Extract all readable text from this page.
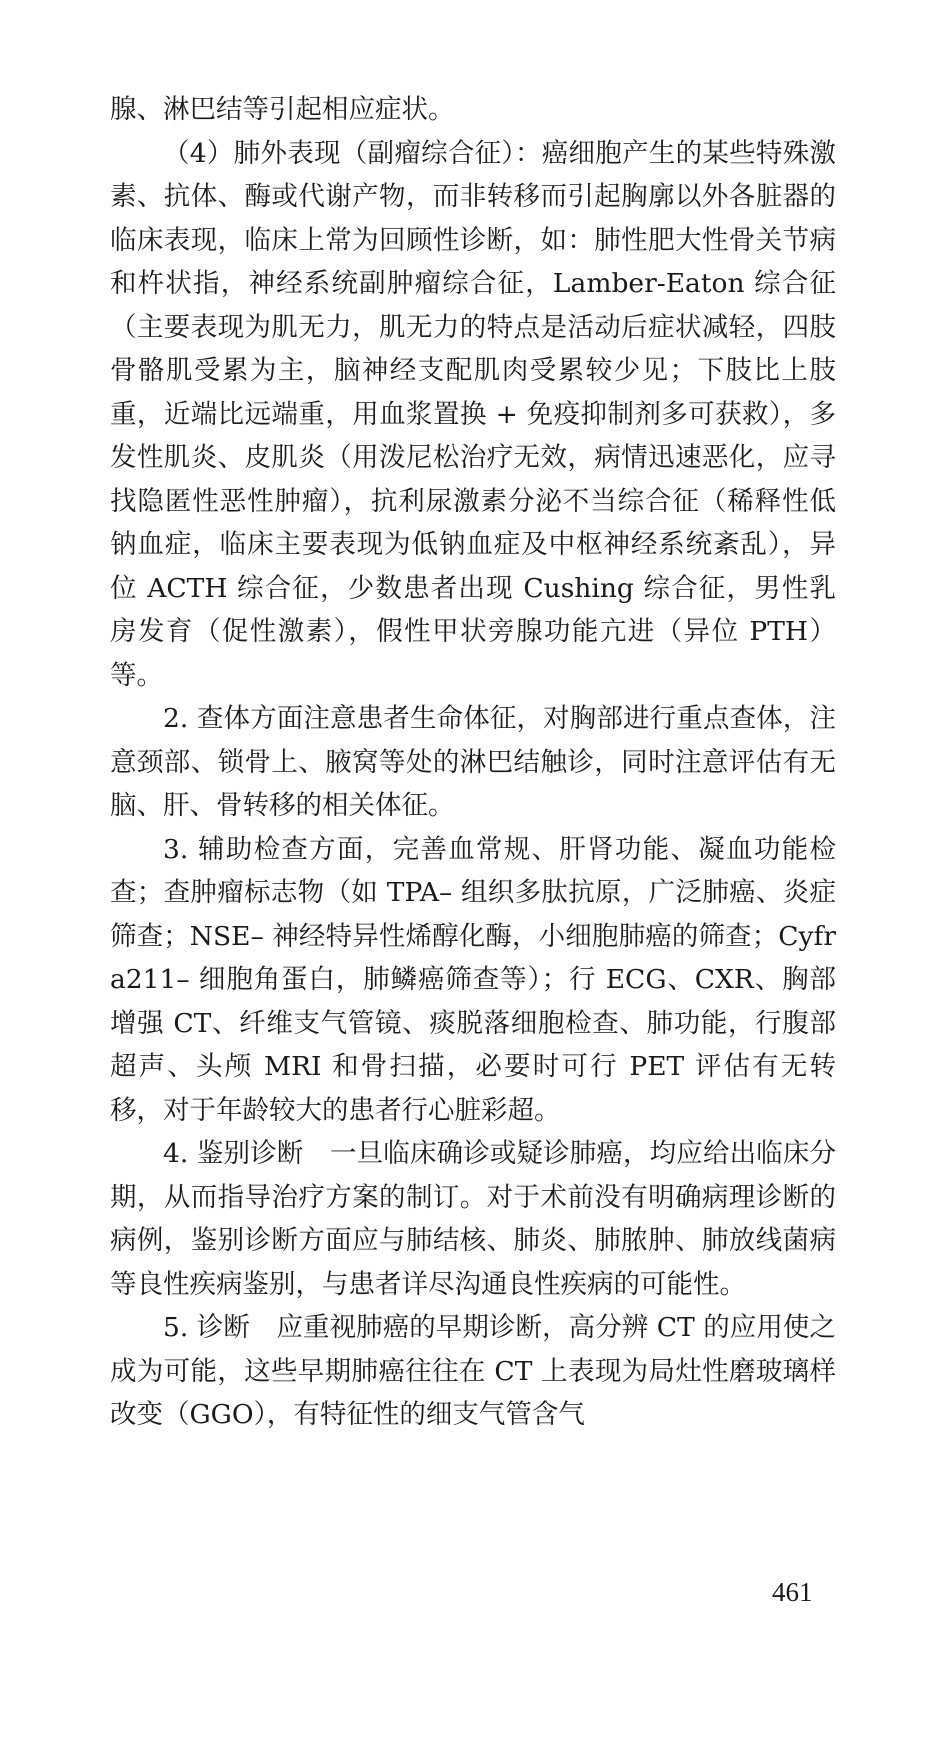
腺、淋巴结等引起相应症状。

（4）肺外表现（副瘤综合征）：癌细胞产生的某些特殊激素、抗体、酶或代谢产物，而非转移而引起胸廓以外各脏器的临床表现，临床上常为回顾性诊断，如：肺性肥大性骨关节病和杵状指，神经系统副肿瘤综合征，Lamber-Eaton 综合征（主要表现为肌无力，肌无力的特点是活动后症状减轻，四肢骨骼肌受累为主，脑神经支配肌肉受累较少见；下肢比上肢重，近端比远端重，用血浆置换 + 免疫抑制剂多可获救），多发性肌炎、皮肌炎（用泼尼松治疗无效，病情迅速恶化，应寻找隐匿性恶性肿瘤），抗利尿激素分泌不当综合征（稀释性低钠血症，临床主要表现为低钠血症及中枢神经系统紊乱），异位 ACTH 综合征，少数患者出现 Cushing 综合征，男性乳房发育（促性激素），假性甲状旁腺功能亢进（异位 PTH）等。

2. 查体方面注意患者生命体征，对胸部进行重点查体，注意颈部、锁骨上、腋窝等处的淋巴结触诊，同时注意评估有无脑、肝、骨转移的相关体征。

3. 辅助检查方面，完善血常规、肝肾功能、凝血功能检查；查肿瘤标志物（如 TPA– 组织多肽抗原，广泛肺癌、炎症筛查；NSE– 神经特异性烯醇化酶，小细胞肺癌的筛查；Cyfra211– 细胞角蛋白，肺鳞癌筛查等）；行 ECG、CXR、胸部增强 CT、纤维支气管镜、痰脱落细胞检查、肺功能，行腹部超声、头颅 MRI 和骨扫描，必要时可行 PET 评估有无转移，对于年龄较大的患者行心脏彩超。

4. 鉴别诊断　一旦临床确诊或疑诊肺癌，均应给出临床分期，从而指导治疗方案的制订。对于术前没有明确病理诊断的病例，鉴别诊断方面应与肺结核、肺炎、肺脓肿、肺放线菌病等良性疾病鉴别，与患者详尽沟通良性疾病的可能性。

5. 诊断　应重视肺癌的早期诊断，高分辨 CT 的应用使之成为可能，这些早期肺癌往往在 CT 上表现为局灶性磨玻璃样改变（GGO），有特征性的细支气管含气

461
